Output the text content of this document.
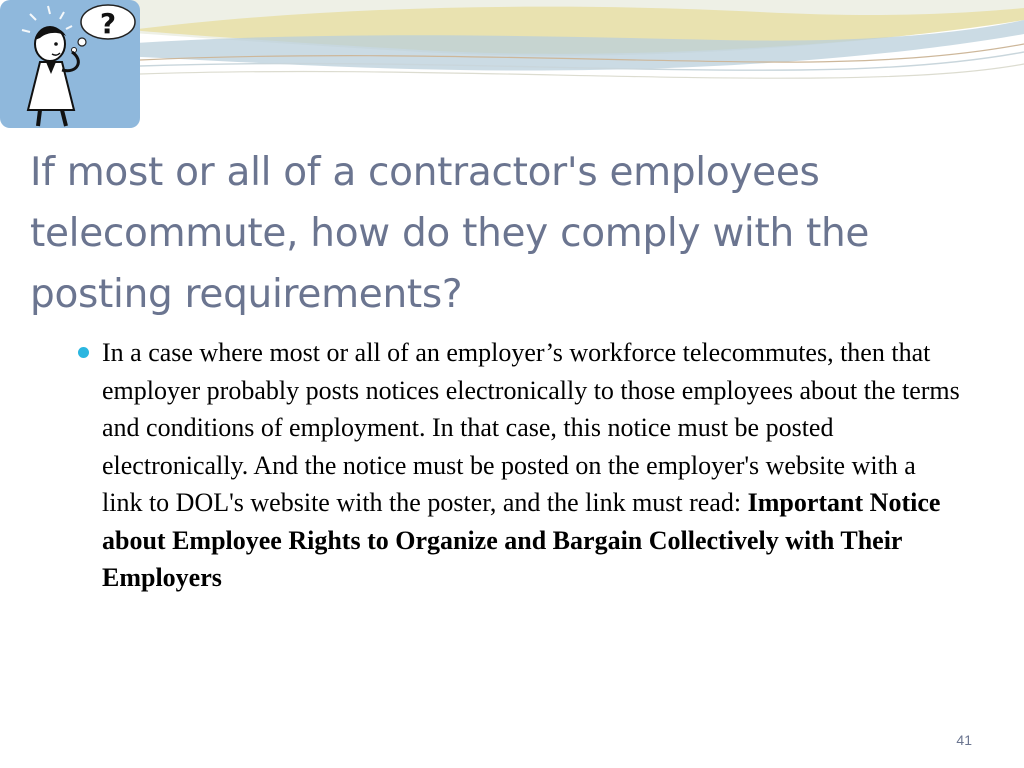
?
If most or all of a contractor's employees telecommute, how do they comply with the posting requirements?
In a case where most or all of an employer’s workforce telecommutes, then that employer probably posts notices electronically to those employees about the terms and conditions of employment. In that case, this notice must be posted electronically. And the notice must be posted on the employer's website with a link to DOL's website with the poster, and the link must read: Important Notice about Employee Rights to Organize and Bargain Collectively with Their Employers
41
